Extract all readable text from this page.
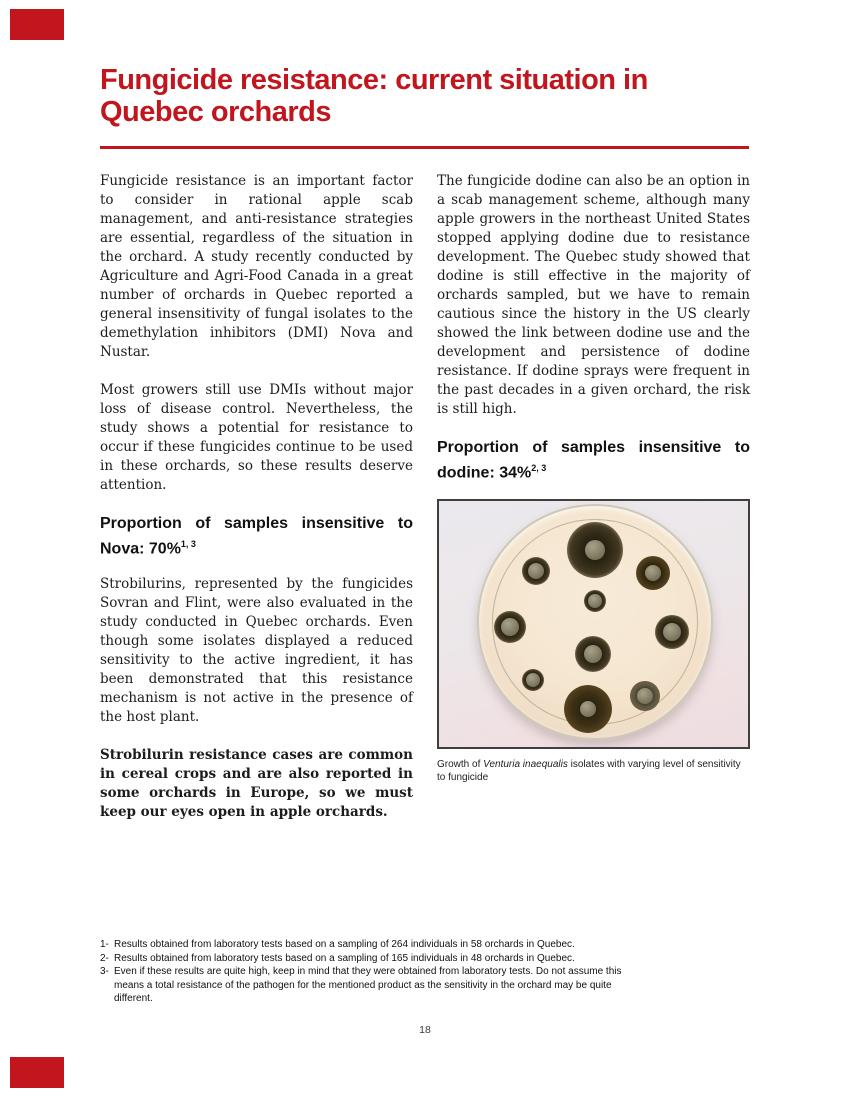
Fungicide resistance: current situation in
Quebec orchards

Fungicide resistance is an important factor to consider in rational apple scab management, and anti-resistance strategies are essential, regardless of the situation in the orchard. A study recently conducted by Agriculture and Agri-Food Canada in a great number of orchards in Quebec reported a general insensitivity of fungal isolates to the demethylation inhibitors (DMI) Nova and Nustar.

Most growers still use DMIs without major loss of disease control. Nevertheless, the study shows a potential for resistance to occur if these fungicides continue to be used in these orchards, so these results deserve attention.

Proportion of samples insensitive to Nova: 70%$^{1, 3}$

Strobilurins, represented by the fungicides Sovran and Flint, were also evaluated in the study conducted in Quebec orchards. Even though some isolates displayed a reduced sensitivity to the active ingredient, it has been demonstrated that this resistance mechanism is not active in the presence of the host plant.

Strobilurin resistance cases are common in cereal crops and are also reported in some orchards in Europe, so we must keep our eyes open in apple orchards.

The fungicide dodine can also be an option in a scab management scheme, although many apple growers in the northeast United States stopped applying dodine due to resistance development. The Quebec study showed that dodine is still effective in the majority of orchards sampled, but we have to remain cautious since the history in the US clearly showed the link between dodine use and the development and persistence of dodine resistance. If dodine sprays were frequent in the past decades in a given orchard, the risk is still high.

Proportion of samples insensitive to dodine: 34%$^{2, 3}$

Growth of Venturia inaequalis isolates with varying level of sensitivity to fungicide

1- Results obtained from laboratory tests based on a sampling of 264 individuals in 58 orchards in Quebec.
2- Results obtained from laboratory tests based on a sampling of 165 individuals in 48 orchards in Quebec.
3- Even if these results are quite high, keep in mind that they were obtained from laboratory tests. Do not assume this means a total resistance of the pathogen for the mentioned product as the sensitivity in the orchard may be quite different.
18
